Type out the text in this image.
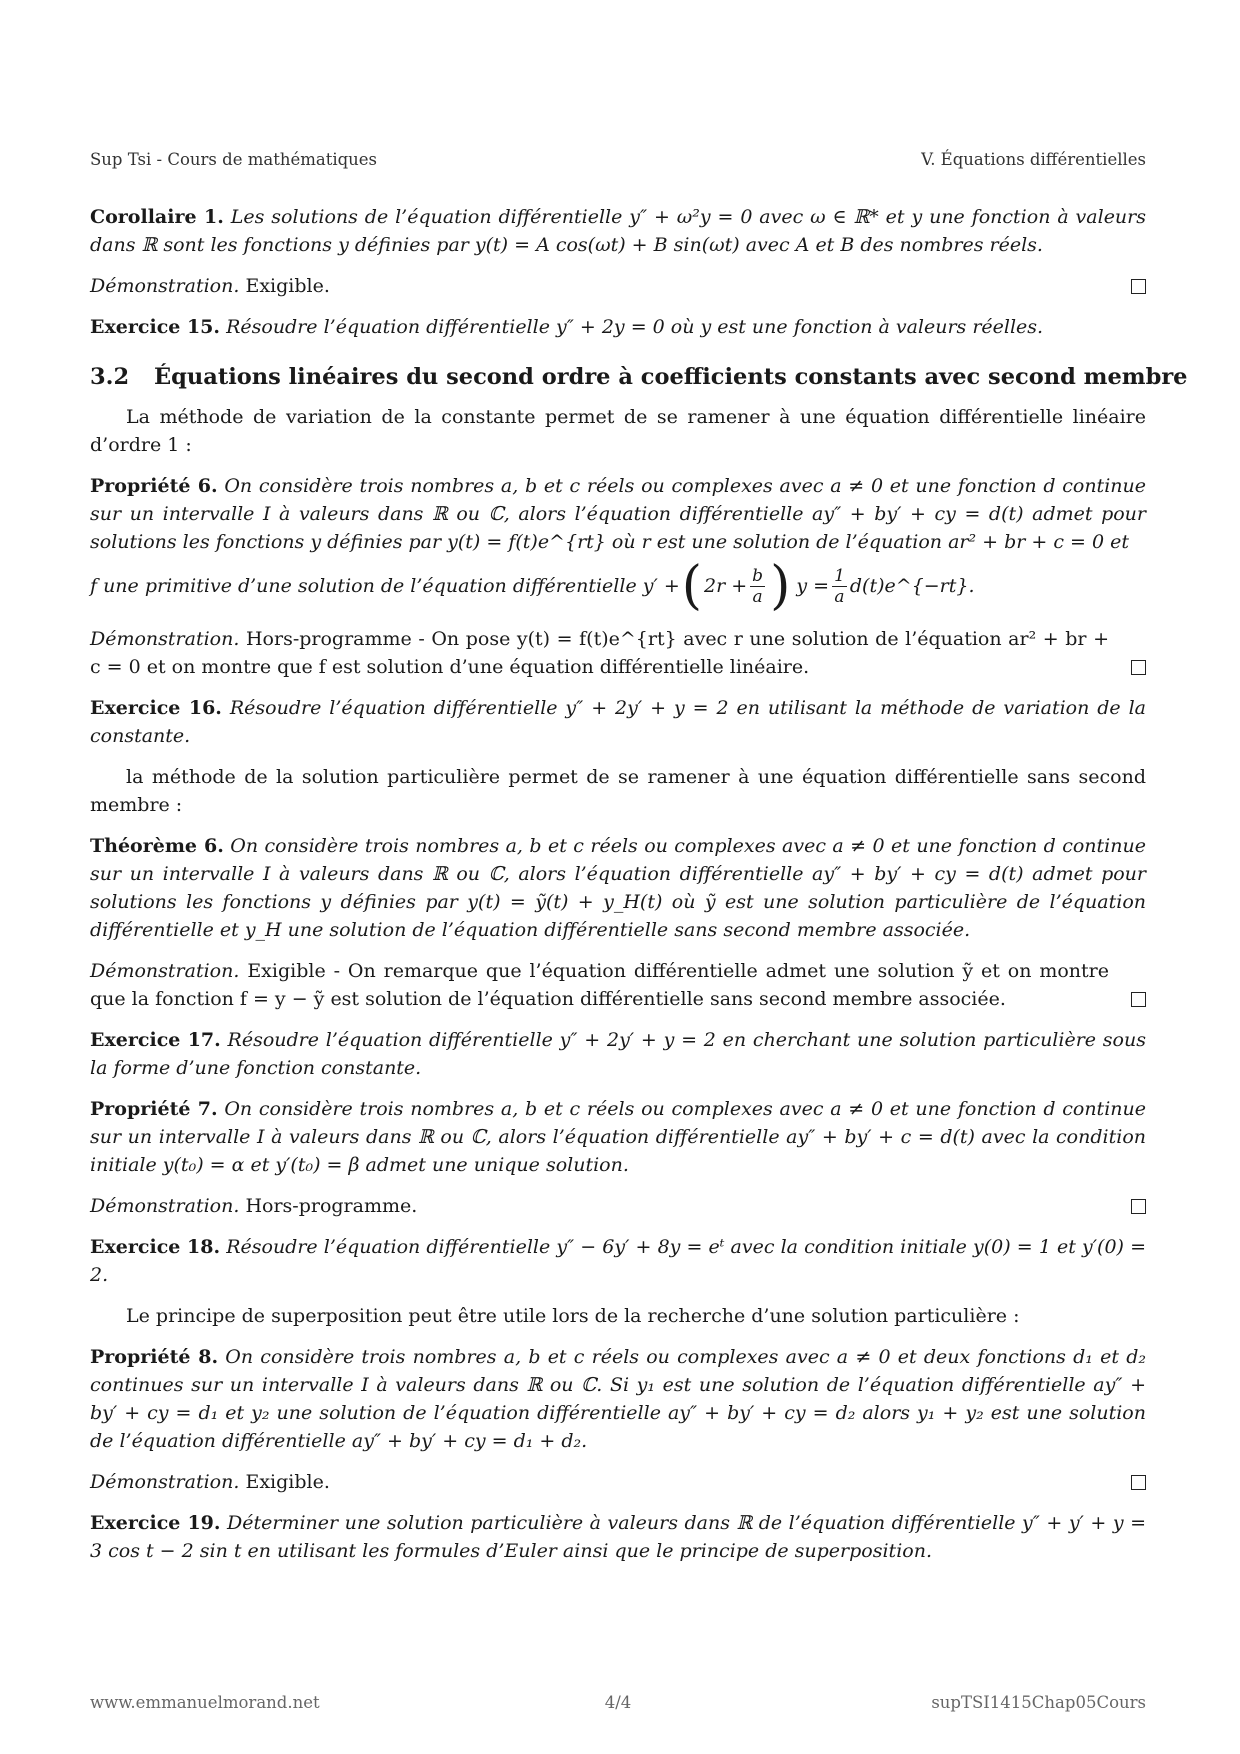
Sup Tsi - Cours de mathématiques	V. Équations différentielles
Corollaire 1. Les solutions de l’équation différentielle y″ + ω²y = 0 avec ω ∈ ℝ* et y une fonction à valeurs dans ℝ sont les fonctions y définies par y(t) = A cos(ωt) + B sin(ωt) avec A et B des nombres réels.
Démonstration. Exigible.
Exercice 15. Résoudre l’équation différentielle y″ + 2y = 0 où y est une fonction à valeurs réelles.
3.2 Équations linéaires du second ordre à coefficients constants avec second membre
La méthode de variation de la constante permet de se ramener à une équation différentielle linéaire d’ordre 1 :
Propriété 6. On considère trois nombres a, b et c réels ou complexes avec a ≠ 0 et une fonction d continue sur un intervalle I à valeurs dans ℝ ou ℂ, alors l’équation différentielle ay″ + by′ + cy = d(t) admet pour solutions les fonctions y définies par y(t) = f(t)e^{rt} où r est une solution de l’équation ar² + br + c = 0 et
f une primitive d’une solution de l’équation différentielle y′ + ( $2r + \frac{b}{a}$ ) $y = \frac{1}{a}$ d(t)e^{−rt}.
Démonstration. Hors-programme - On pose y(t) = f(t)e^{rt} avec r une solution de l’équation ar² + br + c = 0 et on montre que f est solution d’une équation différentielle linéaire.
Exercice 16. Résoudre l’équation différentielle y″ + 2y′ + y = 2 en utilisant la méthode de variation de la constante.
la méthode de la solution particulière permet de se ramener à une équation différentielle sans second membre :
Théorème 6. On considère trois nombres a, b et c réels ou complexes avec a ≠ 0 et une fonction d continue sur un intervalle I à valeurs dans ℝ ou ℂ, alors l’équation différentielle ay″ + by′ + cy = d(t) admet pour solutions les fonctions y définies par y(t) = ỹ(t) + y_H(t) où ỹ est une solution particulière de l’équation différentielle et y_H une solution de l’équation différentielle sans second membre associée.
Démonstration. Exigible - On remarque que l’équation différentielle admet une solution ỹ et on montre que la fonction f = y − ỹ est solution de l’équation différentielle sans second membre associée.
Exercice 17. Résoudre l’équation différentielle y″ + 2y′ + y = 2 en cherchant une solution particulière sous la forme d’une fonction constante.
Propriété 7. On considère trois nombres a, b et c réels ou complexes avec a ≠ 0 et une fonction d continue sur un intervalle I à valeurs dans ℝ ou ℂ, alors l’équation différentielle ay″ + by′ + c = d(t) avec la condition initiale y(t₀) = α et y′(t₀) = β admet une unique solution.
Démonstration. Hors-programme.
Exercice 18. Résoudre l’équation différentielle y″ − 6y′ + 8y = eᵗ avec la condition initiale y(0) = 1 et y′(0) = 2.
Le principe de superposition peut être utile lors de la recherche d’une solution particulière :
Propriété 8. On considère trois nombres a, b et c réels ou complexes avec a ≠ 0 et deux fonctions d₁ et d₂ continues sur un intervalle I à valeurs dans ℝ ou ℂ. Si y₁ est une solution de l’équation différentielle ay″ + by′ + cy = d₁ et y₂ une solution de l’équation différentielle ay″ + by′ + cy = d₂ alors y₁ + y₂ est une solution de l’équation différentielle ay″ + by′ + cy = d₁ + d₂.
Démonstration. Exigible.
Exercice 19. Déterminer une solution particulière à valeurs dans ℝ de l’équation différentielle y″ + y′ + y = 3 cos t − 2 sin t en utilisant les formules d’Euler ainsi que le principe de superposition.
www.emmanuelmorand.net	4/4	supTSI1415Chap05Cours
